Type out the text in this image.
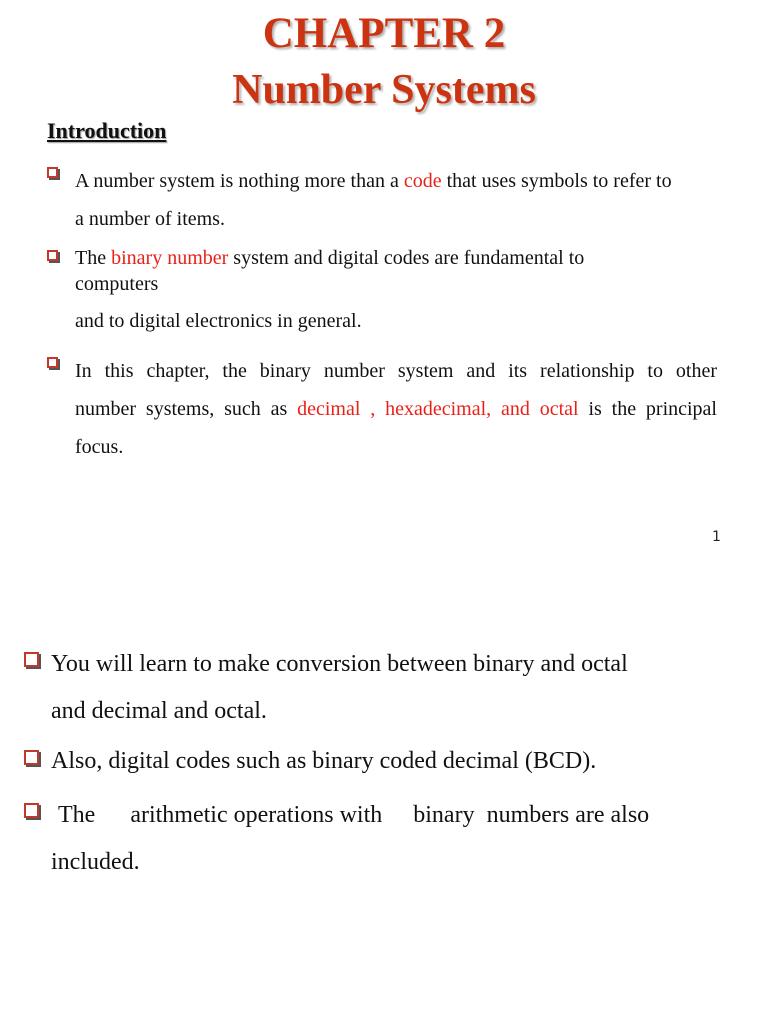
CHAPTER 2
Number Systems
Introduction
A number system is nothing more than a code that uses symbols to refer to
a number of items.
The binary number system and digital codes are fundamental to
computers
and to digital electronics in general.
In this chapter, the binary number system and its relationship to other
number systems, such as decimal , hexadecimal, and octal is the principal
focus.
1
You will learn to make conversion between binary and octal
and decimal and octal.
Also, digital codes such as binary coded decimal (BCD).
The arithmetic operations with binary numbers are also
included.
